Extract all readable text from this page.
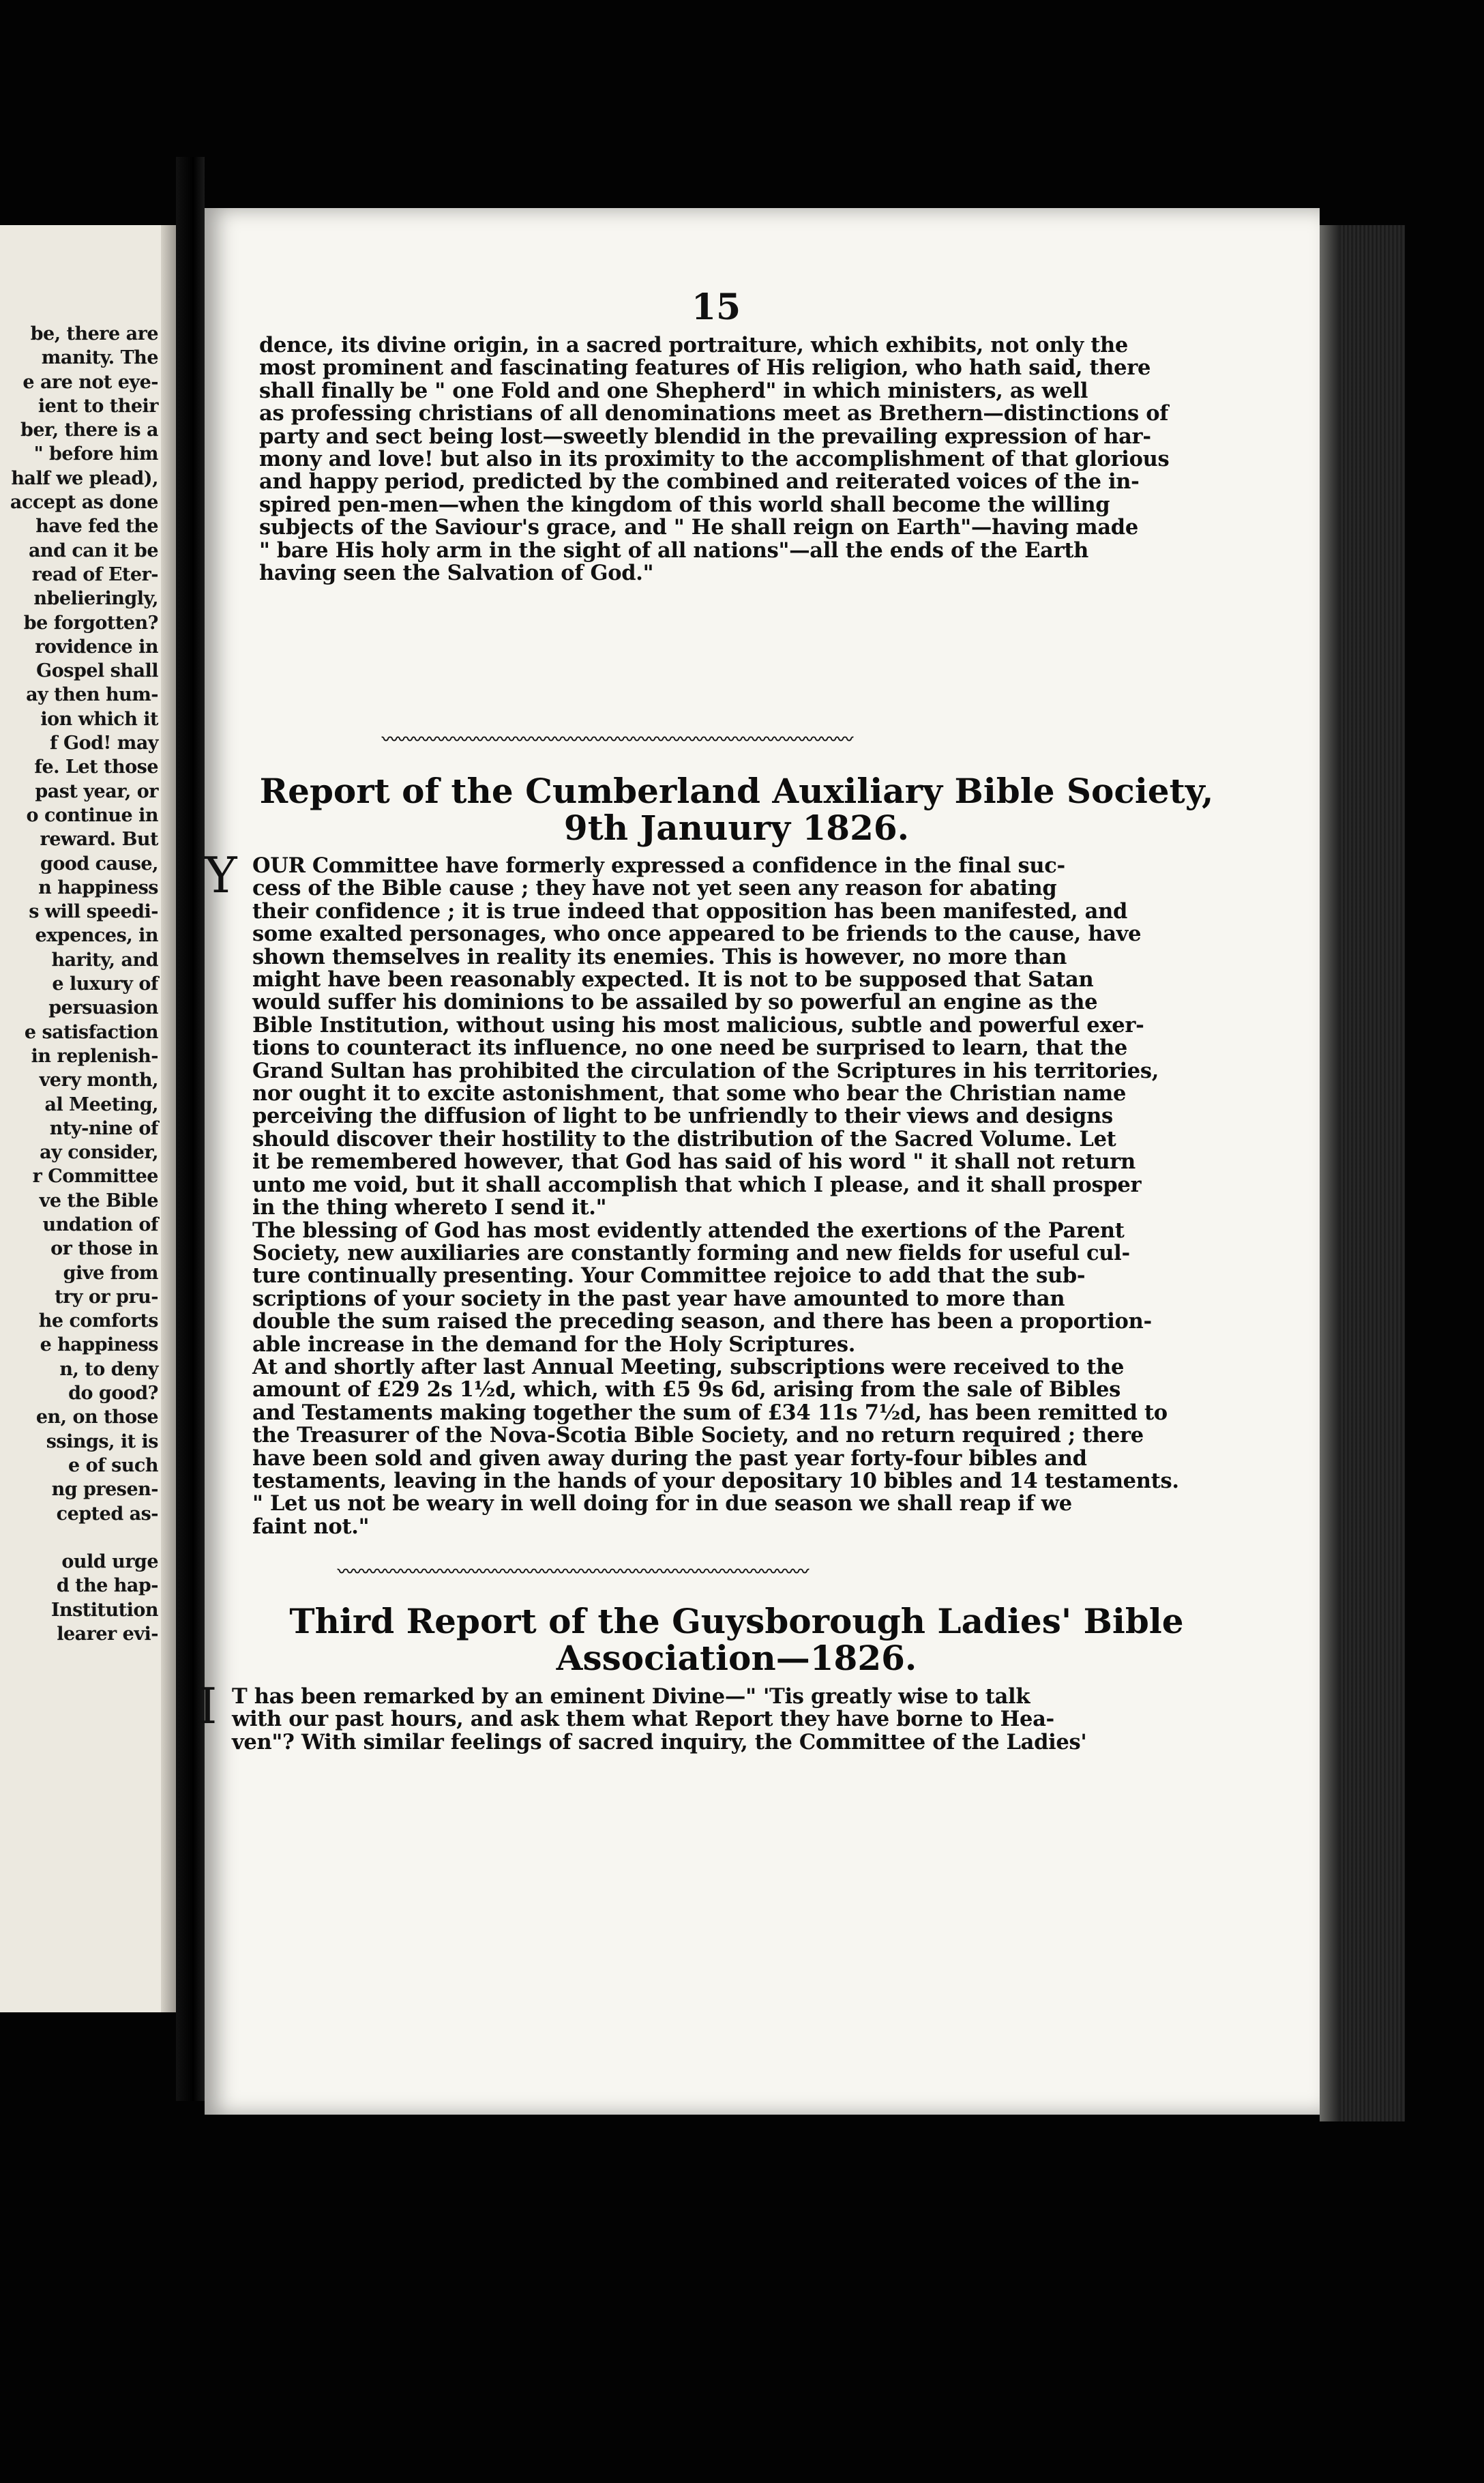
be, there are
manity. The
e are not eye-
ient to their
ber, there is a
" before him
half we plead),
accept as done
have fed the
and can it be
read of Eter-
nbelieringly,
be forgotten?
rovidence in
Gospel shall
ay then hum-
ion which it
f God! may
fe. Let those
past year, or
o continue in
reward. But
good cause,
n happiness
s will speedi-
expences, in
harity, and
e luxury of
persuasion
e satisfaction
in replenish-
very month,
al Meeting,
nty-nine of
ay consider,
r Committee
ve the Bible
undation of
or those in
give from
try or pru-
he comforts
e happiness
n, to deny
do good?
en, on those
ssings, it is
e of such
ng presen-
cepted as-
ould urge
d the hap-
Institution
learer evi-
15
dence, its divine origin, in a sacred portraiture, which exhibits, not only the
most prominent and fascinating features of His religion, who hath said, there
shall finally be " one Fold and one Shepherd" in which ministers, as well
as professing christians of all denominations meet as Brethern—distinctions of
party and sect being lost—sweetly blendid in the prevailing expression of har-
mony and love! but also in its proximity to the accomplishment of that glorious
and happy period, predicted by the combined and reiterated voices of the in-
spired pen-men—when the kingdom of this world shall become the willing
subjects of the Saviour's grace, and " He shall reign on Earth"—having made
" bare His holy arm in the sight of all nations"—all the ends of the Earth
having seen the Salvation of God."
〰〰〰〰〰〰〰〰〰〰〰〰〰〰〰〰〰〰〰〰〰〰〰〰〰〰〰〰〰〰
Report of the Cumberland Auxiliary Bible Society,
9th Januury 1826.
Y OUR Committee have formerly expressed a confidence in the final suc-
cess of the Bible cause ; they have not yet seen any reason for abating
their confidence ; it is true indeed that opposition has been manifested, and
some exalted personages, who once appeared to be friends to the cause, have
shown themselves in reality its enemies. This is however, no more than
might have been reasonably expected. It is not to be supposed that Satan
would suffer his dominions to be assailed by so powerful an engine as the
Bible Institution, without using his most malicious, subtle and powerful exer-
tions to counteract its influence, no one need be surprised to learn, that the
Grand Sultan has prohibited the circulation of the Scriptures in his territories,
nor ought it to excite astonishment, that some who bear the Christian name
perceiving the diffusion of light to be unfriendly to their views and designs
should discover their hostility to the distribution of the Sacred Volume. Let
it be remembered however, that God has said of his word " it shall not return
unto me void, but it shall accomplish that which I please, and it shall prosper
in the thing whereto I send it."
The blessing of God has most evidently attended the exertions of the Parent
Society, new auxiliaries are constantly forming and new fields for useful cul-
ture continually presenting. Your Committee rejoice to add that the sub-
scriptions of your society in the past year have amounted to more than
double the sum raised the preceding season, and there has been a proportion-
able increase in the demand for the Holy Scriptures.
At and shortly after last Annual Meeting, subscriptions were received to the
amount of £29 2s 1½d, which, with £5 9s 6d, arising from the sale of Bibles
and Testaments making together the sum of £34 11s 7½d, has been remitted to
the Treasurer of the Nova-Scotia Bible Society, and no return required ; there
have been sold and given away during the past year forty-four bibles and
testaments, leaving in the hands of your depositary 10 bibles and 14 testaments.
" Let us not be weary in well doing for in due season we shall reap if we
faint not."
〰〰〰〰〰〰〰〰〰〰〰〰〰〰〰〰〰〰〰〰〰〰〰〰〰〰〰〰〰〰
Third Report of the Guysborough Ladies' Bible
Association—1826.
I T has been remarked by an eminent Divine—" 'Tis greatly wise to talk
with our past hours, and ask them what Report they have borne to Hea-
ven"? With similar feelings of sacred inquiry, the Committee of the Ladies'
